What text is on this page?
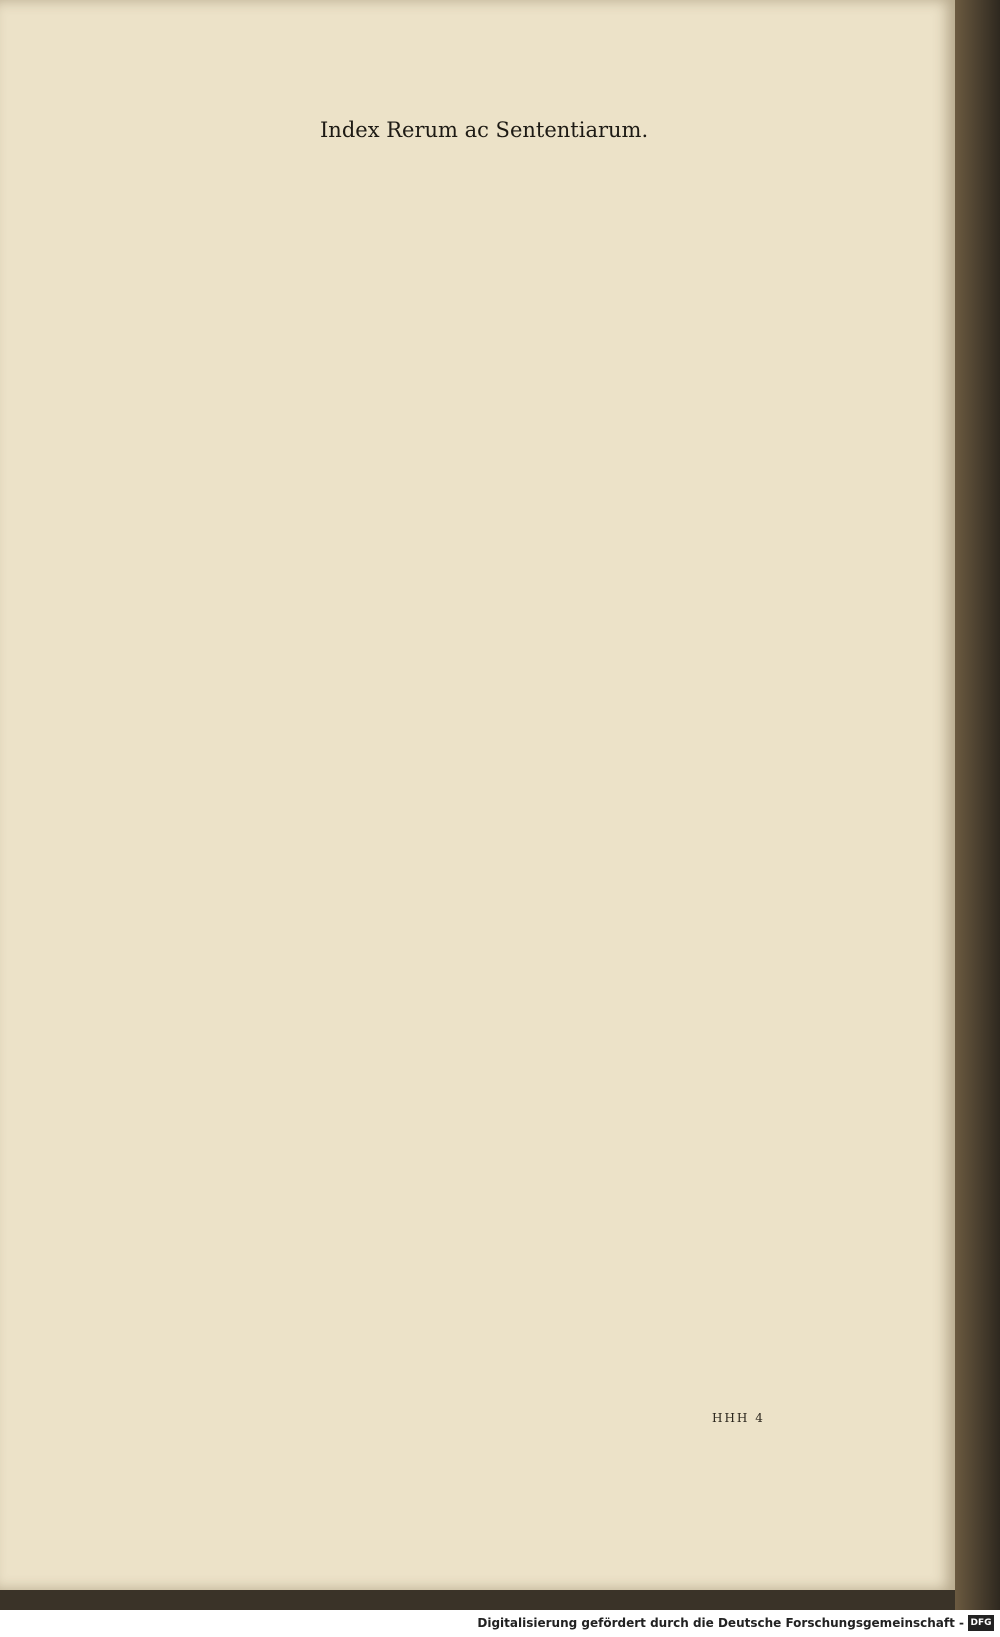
Index Rerum ac Sententiarum.
HHH 4
Digitalisierung gefördert durch die Deutsche Forschungsgemeinschaft - DFG
